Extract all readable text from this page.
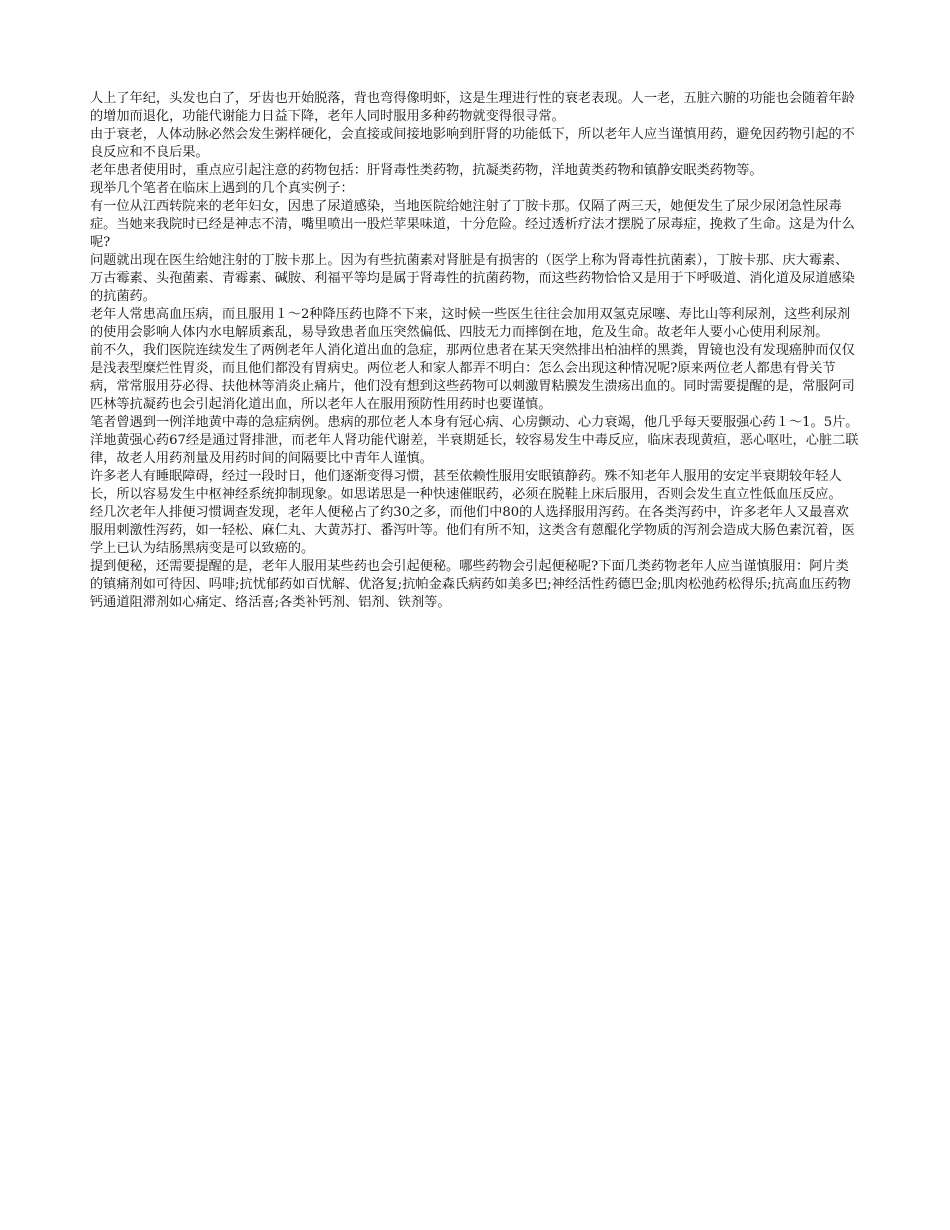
人上了年纪，头发也白了，牙齿也开始脱落，背也弯得像明虾，这是生理进行性的衰老表现。人一老，五脏六腑的功能也会随着年龄的增加而退化，功能代谢能力日益下降，老年人同时服用多种药物就变得很寻常。

由于衰老，人体动脉必然会发生粥样硬化，会直接或间接地影响到肝肾的功能低下，所以老年人应当谨慎用药，避免因药物引起的不良反应和不良后果。

老年患者使用时，重点应引起注意的药物包括：肝肾毒性类药物，抗凝类药物，洋地黄类药物和镇静安眠类药物等。

现举几个笔者在临床上遇到的几个真实例子：

有一位从江西转院来的老年妇女，因患了尿道感染，当地医院给她注射了丁胺卡那。仅隔了两三天，她便发生了尿少尿闭急性尿毒症。当她来我院时已经是神志不清，嘴里喷出一股烂苹果味道，十分危险。经过透析疗法才摆脱了尿毒症，挽救了生命。这是为什么呢?

问题就出现在医生给她注射的丁胺卡那上。因为有些抗菌素对肾脏是有损害的（医学上称为肾毒性抗菌素），丁胺卡那、庆大霉素、万古霉素、头孢菌素、青霉素、碱胺、利福平等均是属于肾毒性的抗菌药物，而这些药物恰恰又是用于下呼吸道、消化道及尿道感染的抗菌药。

老年人常患高血压病，而且服用１～2种降压药也降不下来，这时候一些医生往往会加用双氢克尿噻、寿比山等利尿剂，这些利尿剂的使用会影响人体内水电解质紊乱，易导致患者血压突然偏低、四肢无力而摔倒在地，危及生命。故老年人要小心使用利尿剂。

前不久，我们医院连续发生了两例老年人消化道出血的急症，那两位患者在某天突然排出柏油样的黑粪，胃镜也没有发现癌肿而仅仅是浅表型糜烂性胃炎，而且他们都没有胃病史。两位老人和家人都弄不明白：怎么会出现这种情况呢?原来两位老人都患有骨关节病，常常服用芬必得、扶他林等消炎止痛片，他们没有想到这些药物可以刺激胃粘膜发生溃疡出血的。同时需要提醒的是，常服阿司匹林等抗凝药也会引起消化道出血，所以老年人在服用预防性用药时也要谨慎。

笔者曾遇到一例洋地黄中毒的急症病例。患病的那位老人本身有冠心病、心房颤动、心力衰竭，他几乎每天要服强心药１～1。5片。洋地黄强心药67经是通过肾排泄，而老年人肾功能代谢差，半衰期延长，较容易发生中毒反应，临床表现黄疸，恶心呕吐，心脏二联律，故老人用药剂量及用药时间的间隔要比中青年人谨慎。

许多老人有睡眠障碍，经过一段时日，他们逐渐变得习惯，甚至依赖性服用安眠镇静药。殊不知老年人服用的安定半衰期较年轻人长，所以容易发生中枢神经系统抑制现象。如思诺思是一种快速催眠药，必须在脱鞋上床后服用，否则会发生直立性低血压反应。

经几次老年人排便习惯调查发现，老年人便秘占了约30之多，而他们中80的人选择服用泻药。在各类泻药中，许多老年人又最喜欢服用刺激性泻药，如一轻松、麻仁丸、大黄苏打、番泻叶等。他们有所不知，这类含有蒽醌化学物质的泻剂会造成大肠色素沉着，医学上已认为结肠黑病变是可以致癌的。

提到便秘，还需要提醒的是，老年人服用某些药也会引起便秘。哪些药物会引起便秘呢?下面几类药物老年人应当谨慎服用：阿片类的镇痛剂如可待因、吗啡;抗忧郁药如百忧解、优洛复;抗帕金森氏病药如美多巴;神经活性药德巴金;肌肉松弛药松得乐;抗高血压药物钙通道阻滞剂如心痛定、络活喜;各类补钙剂、铝剂、铁剂等。
